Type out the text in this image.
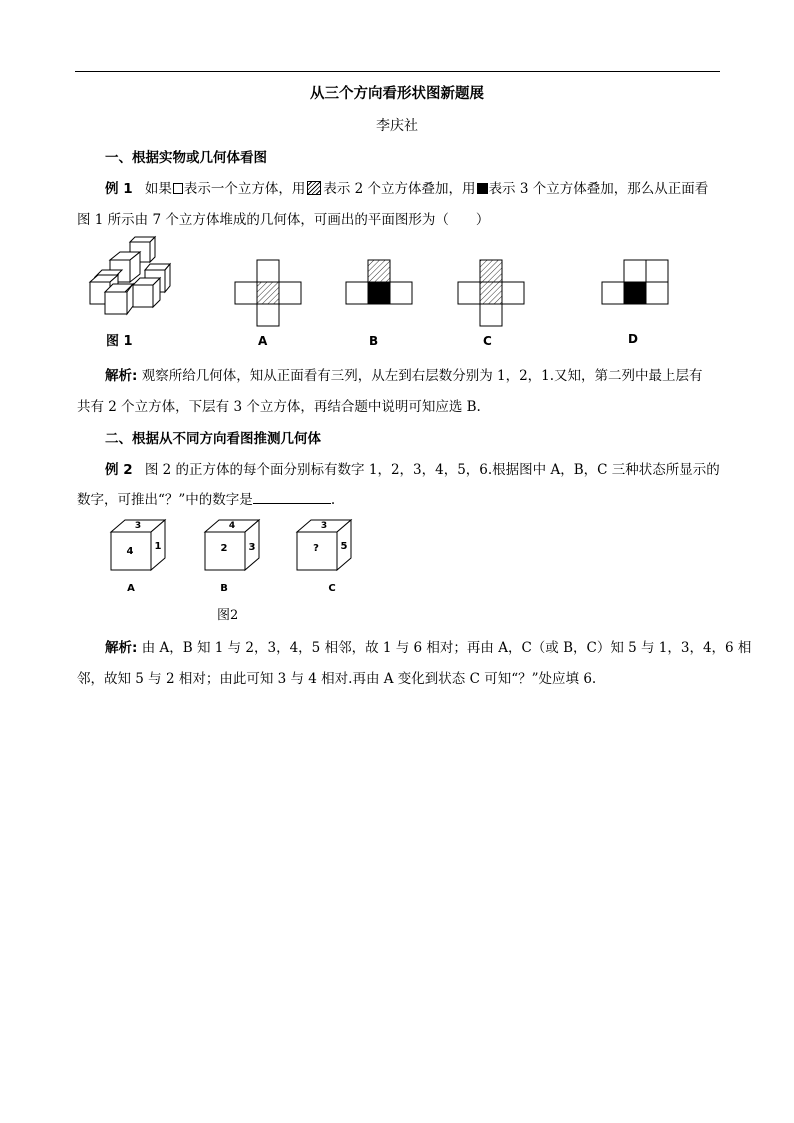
从三个方向看形状图新题展
李庆社
一、根据实物或几何体看图
例 1 如果 表示一个立方体，用 表示 2 个立方体叠加，用 表示 3 个立方体叠加，那么从正面看
图 1 所示由 7 个立方体堆成的几何体，可画出的平面图形为（　　）
图 1	A	B	C	D
解析: 观察所给几何体，知从正面看有三列，从左到右层数分别为 1，2，1.又知，第二列中最上层有
共有 2 个立方体，下层有 3 个立方体，再结合题中说明可知应选 B.
二、根据从不同方向看图推测几何体
例 2 图 2 的正方体的每个面分别标有数字 1，2，3，4，5，6.根据图中 A，B，C 三种状态所显示的
数字，可推出“？”中的数字是	.
3
4 1
4
2 3
3
? 5
A	B	C
图2
解析: 由 A，B 知 1 与 2，3，4，5 相邻，故 1 与 6 相对；再由 A，C（或 B，C）知 5 与 1，3，4，6 相
邻，故知 5 与 2 相对；由此可知 3 与 4 相对.再由 A 变化到状态 C 可知“？”处应填 6.
